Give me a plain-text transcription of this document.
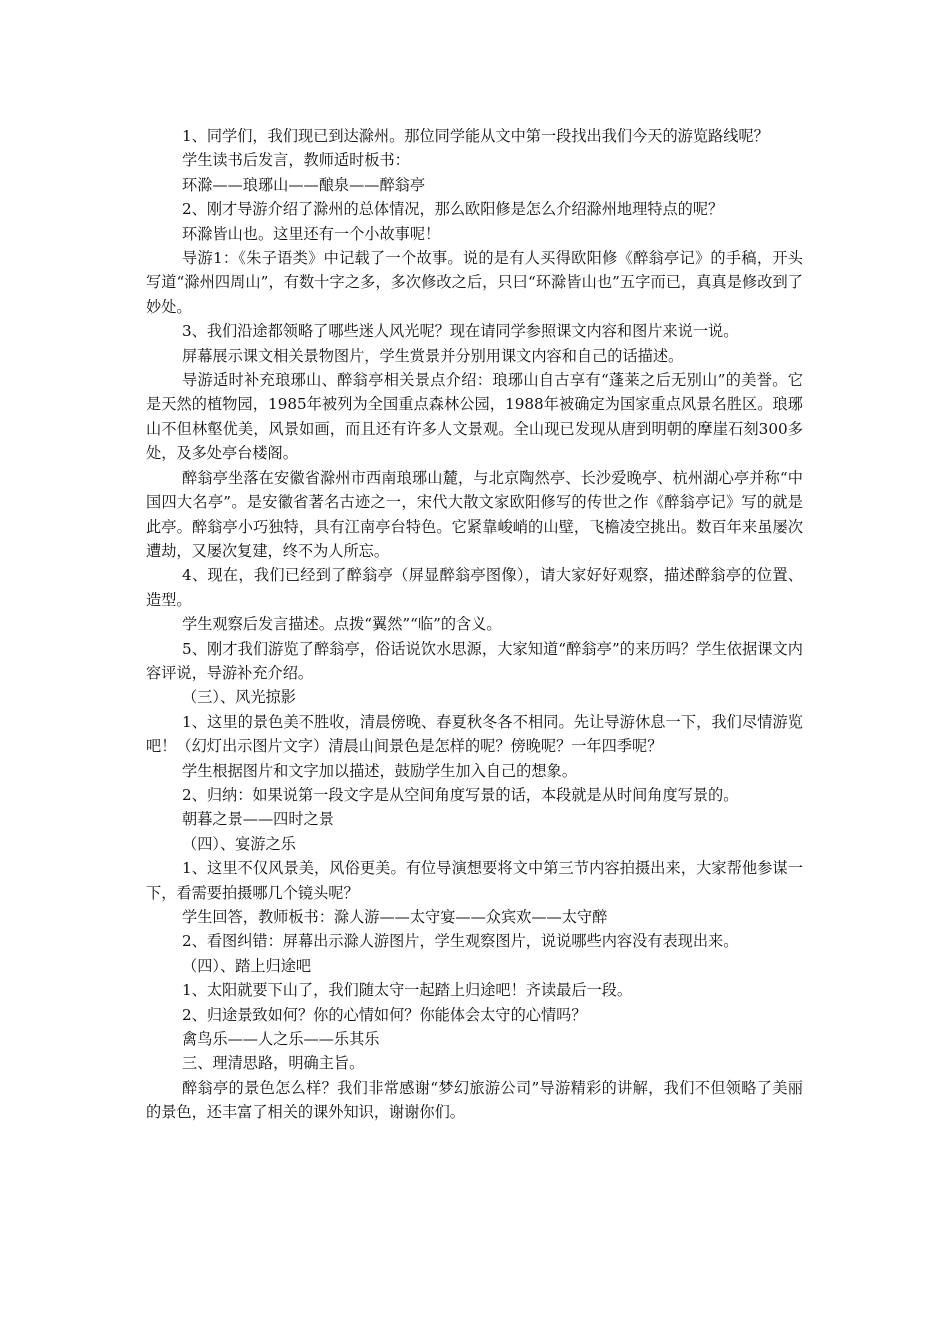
1、同学们，我们现已到达滁州。那位同学能从文中第一段找出我们今天的游览路线呢？

学生读书后发言，教师适时板书：

环滁——琅琊山——酿泉——醉翁亭

2、刚才导游介绍了滁州的总体情况，那么欧阳修是怎么介绍滁州地理特点的呢？

环滁皆山也。这里还有一个小故事呢！

导游1：《朱子语类》中记载了一个故事。说的是有人买得欧阳修《醉翁亭记》的手稿，开头写道“滁州四周山”，有数十字之多，多次修改之后，只曰“环滁皆山也”五字而已，真真是修改到了妙处。

3、我们沿途都领略了哪些迷人风光呢？现在请同学参照课文内容和图片来说一说。

屏幕展示课文相关景物图片，学生赏景并分别用课文内容和自己的话描述。

导游适时补充琅琊山、醉翁亭相关景点介绍：琅琊山自古享有“蓬莱之后无别山”的美誉。它是天然的植物园，1985年被列为全国重点森林公园，1988年被确定为国家重点风景名胜区。琅琊山不但林壑优美，风景如画，而且还有许多人文景观。全山现已发现从唐到明朝的摩崖石刻300多处，及多处亭台楼阁。

醉翁亭坐落在安徽省滁州市西南琅琊山麓，与北京陶然亭、长沙爱晚亭、杭州湖心亭并称“中国四大名亭”。是安徽省著名古迹之一，宋代大散文家欧阳修写的传世之作《醉翁亭记》写的就是此亭。醉翁亭小巧独特，具有江南亭台特色。它紧靠峻峭的山壁，飞檐凌空挑出。数百年来虽屡次遭劫，又屡次复建，终不为人所忘。

4、现在，我们已经到了醉翁亭（屏显醉翁亭图像），请大家好好观察，描述醉翁亭的位置、造型。

学生观察后发言描述。点拨“翼然”“临”的含义。

5、刚才我们游览了醉翁亭，俗话说饮水思源，大家知道“醉翁亭”的来历吗？学生依据课文内容评说，导游补充介绍。

（三）、风光掠影

1、这里的景色美不胜收，清晨傍晚、春夏秋冬各不相同。先让导游休息一下，我们尽情游览吧！（幻灯出示图片文字）清晨山间景色是怎样的呢？傍晚呢？一年四季呢？

学生根据图片和文字加以描述，鼓励学生加入自己的想象。

2、归纳：如果说第一段文字是从空间角度写景的话，本段就是从时间角度写景的。

朝暮之景——四时之景

（四）、宴游之乐

1、这里不仅风景美，风俗更美。有位导演想要将文中第三节内容拍摄出来，大家帮他参谋一下，看需要拍摄哪几个镜头呢？

学生回答，教师板书：滁人游——太守宴——众宾欢——太守醉

2、看图纠错：屏幕出示滁人游图片，学生观察图片，说说哪些内容没有表现出来。

（四）、踏上归途吧

1、太阳就要下山了，我们随太守一起踏上归途吧！齐读最后一段。

2、归途景致如何？你的心情如何？你能体会太守的心情吗？

禽鸟乐——人之乐——乐其乐

三、理清思路，明确主旨。

醉翁亭的景色怎么样？我们非常感谢“梦幻旅游公司”导游精彩的讲解，我们不但领略了美丽的景色，还丰富了相关的课外知识，谢谢你们。
